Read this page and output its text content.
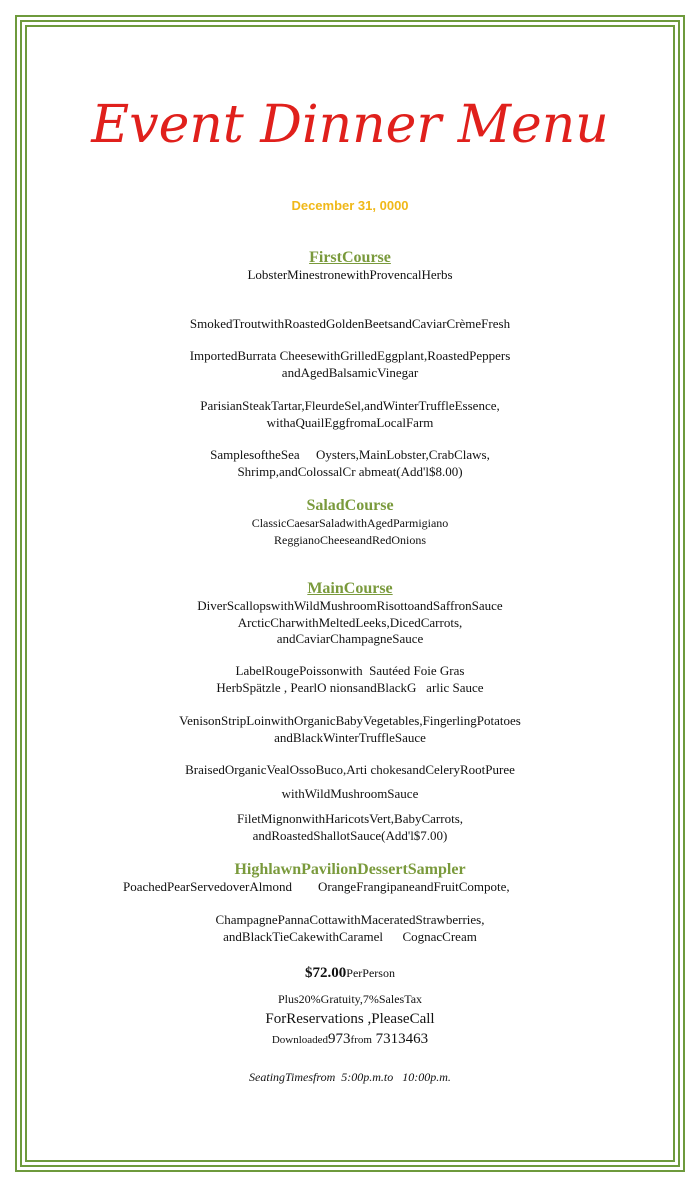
Event Dinner Menu
December 31, 0000

FirstCourse

LobsterMinestronewithProvencalHerbs

SmokedTroutwithRoastedGoldenBeetsandCaviarCrèmeFresh

ImportedBurrata CheesewithGrilledEggplant,RoastedPeppers

andAgedBalsamicVinegar

ParisianSteakTartar,FleurdeSel,andWinterTruffleEssence,

withaQuailEggfromaLocalFarm

SamplesoftheSea     Oysters,MainLobster,CrabClaws,

Shrimp,andColossalCr abmeat(Add'l$8.00)

SaladCourse

ClassicCaesarSaladwithAgedParmigiano

ReggianoCheeseandRedOnions

MainCourse

DiverScallopswithWildMushroomRisottoandSaffronSauce

ArcticCharwithMeltedLeeks,DicedCarrots,

andCaviarChampagneSauce

LabelRougePoissonwith  Sautéed Foie Gras

HerbSpätzle , PearlO nionsandBlackG   arlic Sauce

VenisonStripLoinwithOrganicBabyVegetables,FingerlingPotatoes

andBlackWinterTruffleSauce

BraisedOrganicVealOssoBuco,Arti chokesandCeleryRootPuree

withWildMushroomSauce

FiletMignonwithHaricotsVert,BabyCarrots,

andRoastedShallotSauce(Add'l$7.00)

HighlawnPavilionDessertSampler

PoachedPearServedoverAlmond        OrangeFrangipaneandFruitCompote,

ChampagnePannaCottawithMaceratedStrawberries,

andBlackTieCakewithCaramel      CognacCream

$72.00PerPerson
Plus20%Gratuity,7%SalesTax
ForReservations ,PleaseCall
Downloaded973from 7313463
SeatingTimesfrom  5:00p.m.to   10:00p.m.
